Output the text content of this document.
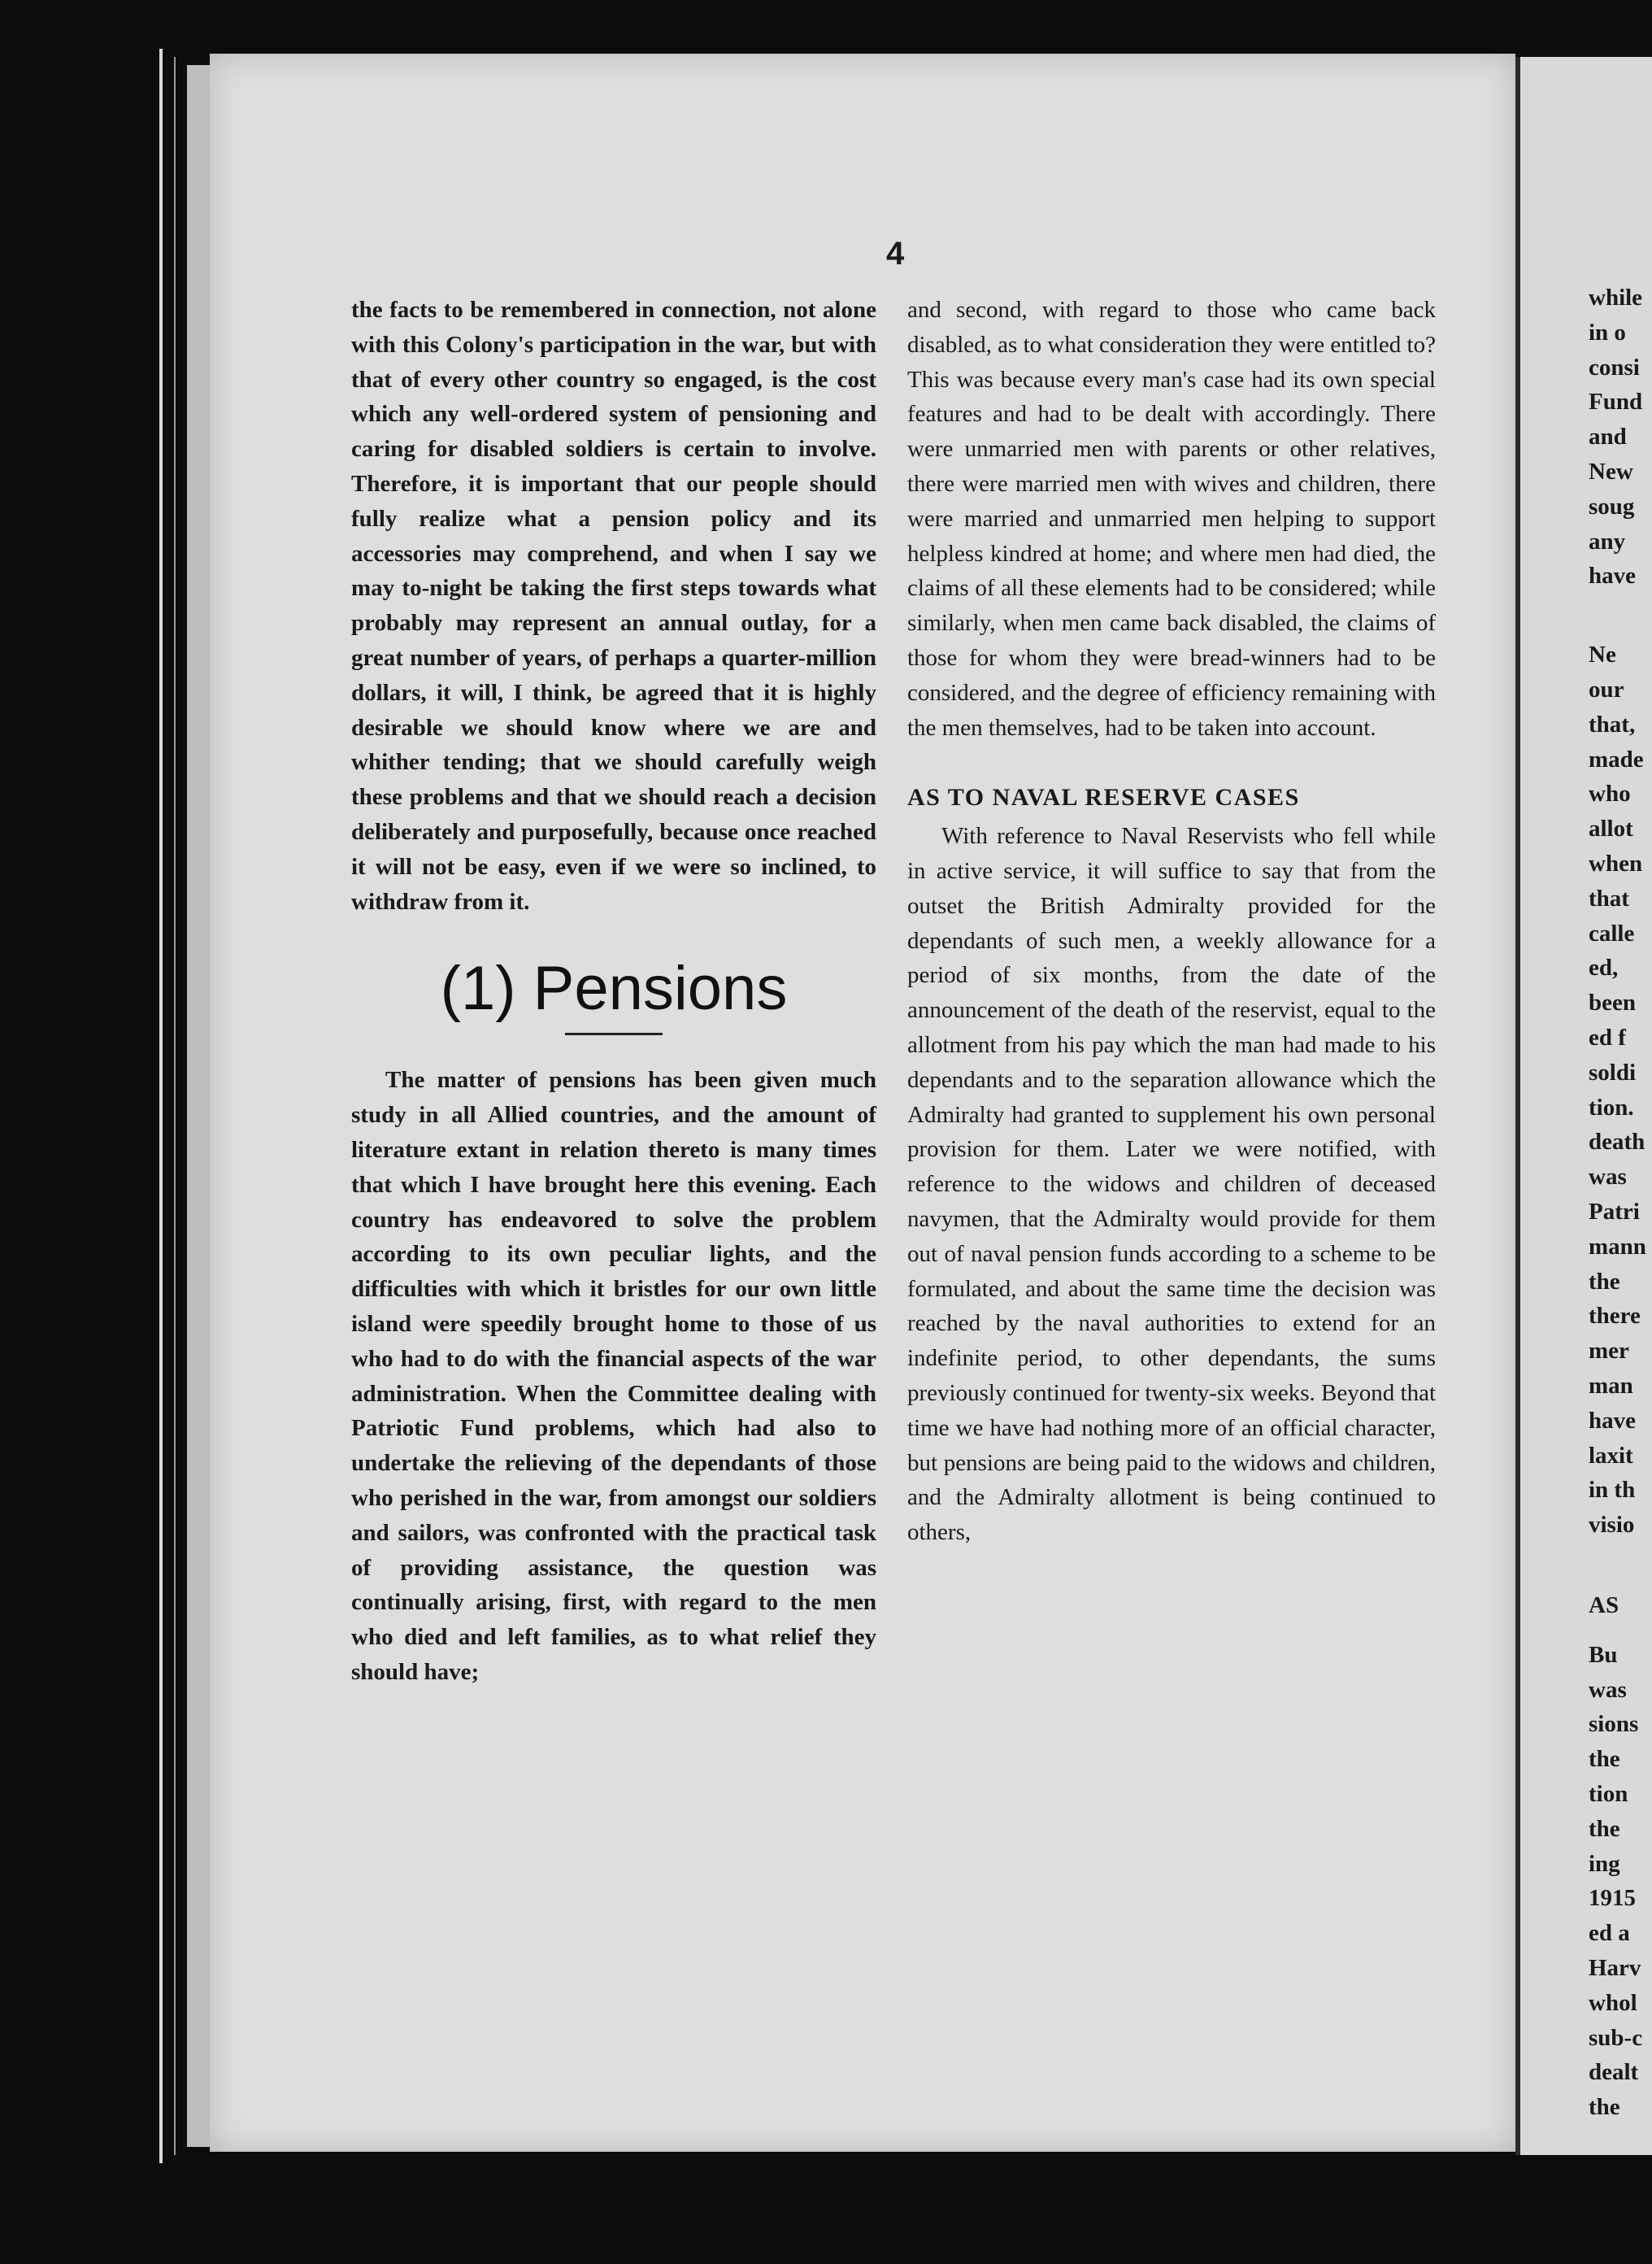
4

the facts to be remembered in connection, not alone with this Colony's participation in the war, but with that of every other country so engaged, is the cost which any well-ordered system of pensioning and caring for disabled soldiers is certain to involve. Therefore, it is important that our people should fully realize what a pension policy and its accessories may comprehend, and when I say we may to-night be taking the first steps towards what probably may represent an annual outlay, for a great number of years, of perhaps a quarter-million dollars, it will, I think, be agreed that it is highly desirable we should know where we are and whither tending; that we should carefully weigh these problems and that we should reach a decision deliberately and purposefully, because once reached it will not be easy, even if we were so inclined, to withdraw from it.

(1) Pensions

The matter of pensions has been given much study in all Allied countries, and the amount of literature extant in relation thereto is many times that which I have brought here this evening. Each country has endeavored to solve the problem according to its own peculiar lights, and the difficulties with which it bristles for our own little island were speedily brought home to those of us who had to do with the financial aspects of the war administration. When the Committee dealing with Patriotic Fund problems, which had also to undertake the relieving of the dependants of those who perished in the war, from amongst our soldiers and sailors, was confronted with the practical task of providing assistance, the question was continually arising, first, with regard to the men who died and left families, as to what relief they should have;

and second, with regard to those who came back disabled, as to what consideration they were entitled to? This was because every man's case had its own special features and had to be dealt with accordingly. There were unmarried men with parents or other relatives, there were married men with wives and children, there were married and unmarried men helping to support helpless kindred at home; and where men had died, the claims of all these elements had to be considered; while similarly, when men came back disabled, the claims of those for whom they were bread-winners had to be considered, and the degree of efficiency remaining with the men themselves, had to be taken into account.

AS TO NAVAL RESERVE CASES

With reference to Naval Reservists who fell while in active service, it will suffice to say that from the outset the British Admiralty provided for the dependants of such men, a weekly allowance for a period of six months, from the date of the announcement of the death of the reservist, equal to the allotment from his pay which the man had made to his dependants and to the separation allowance which the Admiralty had granted to supplement his own personal provision for them. Later we were notified, with reference to the widows and children of deceased navymen, that the Admiralty would provide for them out of naval pension funds according to a scheme to be formulated, and about the same time the decision was reached by the naval authorities to extend for an indefinite period, to other dependants, the sums previously continued for twenty-six weeks. Beyond that time we have had nothing more of an official character, but pensions are being paid to the widows and children, and the Admiralty allotment is being continued to others,

while
in o
consi
Fund
and
New
soug
any
have
Ne
our
that,
made
who
allot
when
that
calle
ed,
been
ed f
soldi
tion.
death
was
Patri
mann
the
there
mer
man
have
laxit
in th
visio
AS
Bu
was
sions
the
tion
the
ing
1915
ed a
Harv
whol
sub-c
dealt
the
